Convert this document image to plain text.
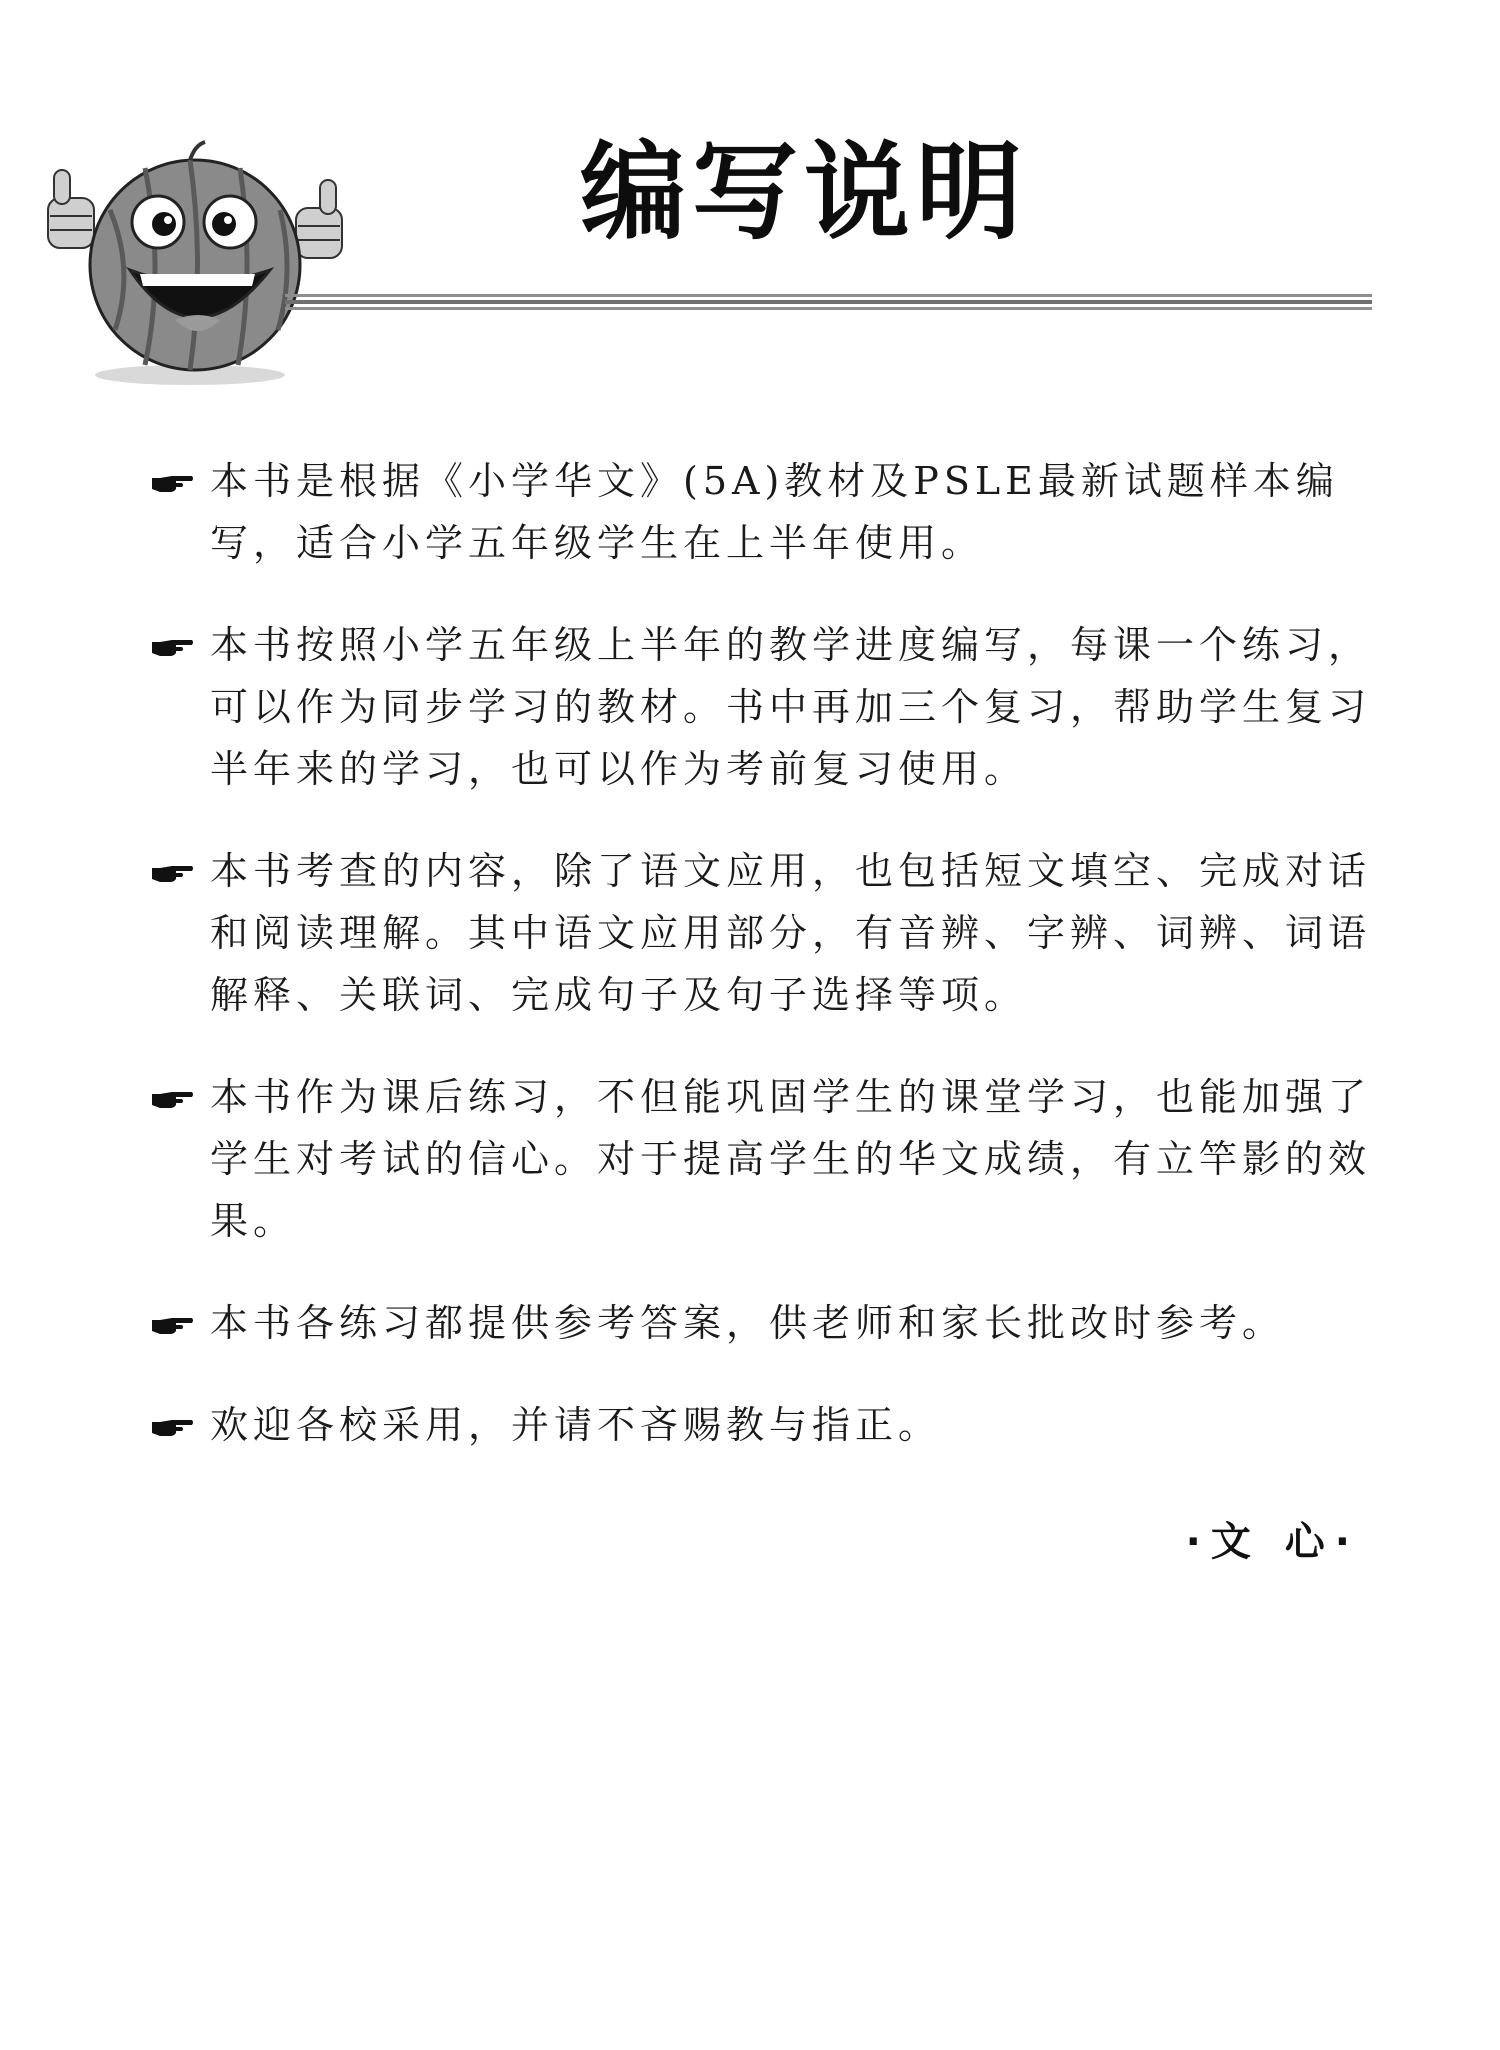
编写说明
本书是根据《小学华文》(5A)教材及PSLE最新试题样本编写，适合小学五年级学生在上半年使用。
本书按照小学五年级上半年的教学进度编写，每课一个练习，可以作为同步学习的教材。书中再加三个复习，帮助学生复习半年来的学习，也可以作为考前复习使用。
本书考查的内容，除了语文应用，也包括短文填空、完成对话和阅读理解。其中语文应用部分，有音辨、字辨、词辨、词语解释、关联词、完成句子及句子选择等项。
本书作为课后练习，不但能巩固学生的课堂学习，也能加强了学生对考试的信心。对于提高学生的华文成绩，有立竿影的效果。
本书各练习都提供参考答案，供老师和家长批改时参考。
欢迎各校采用，并请不吝赐教与指正。
·文 心·
